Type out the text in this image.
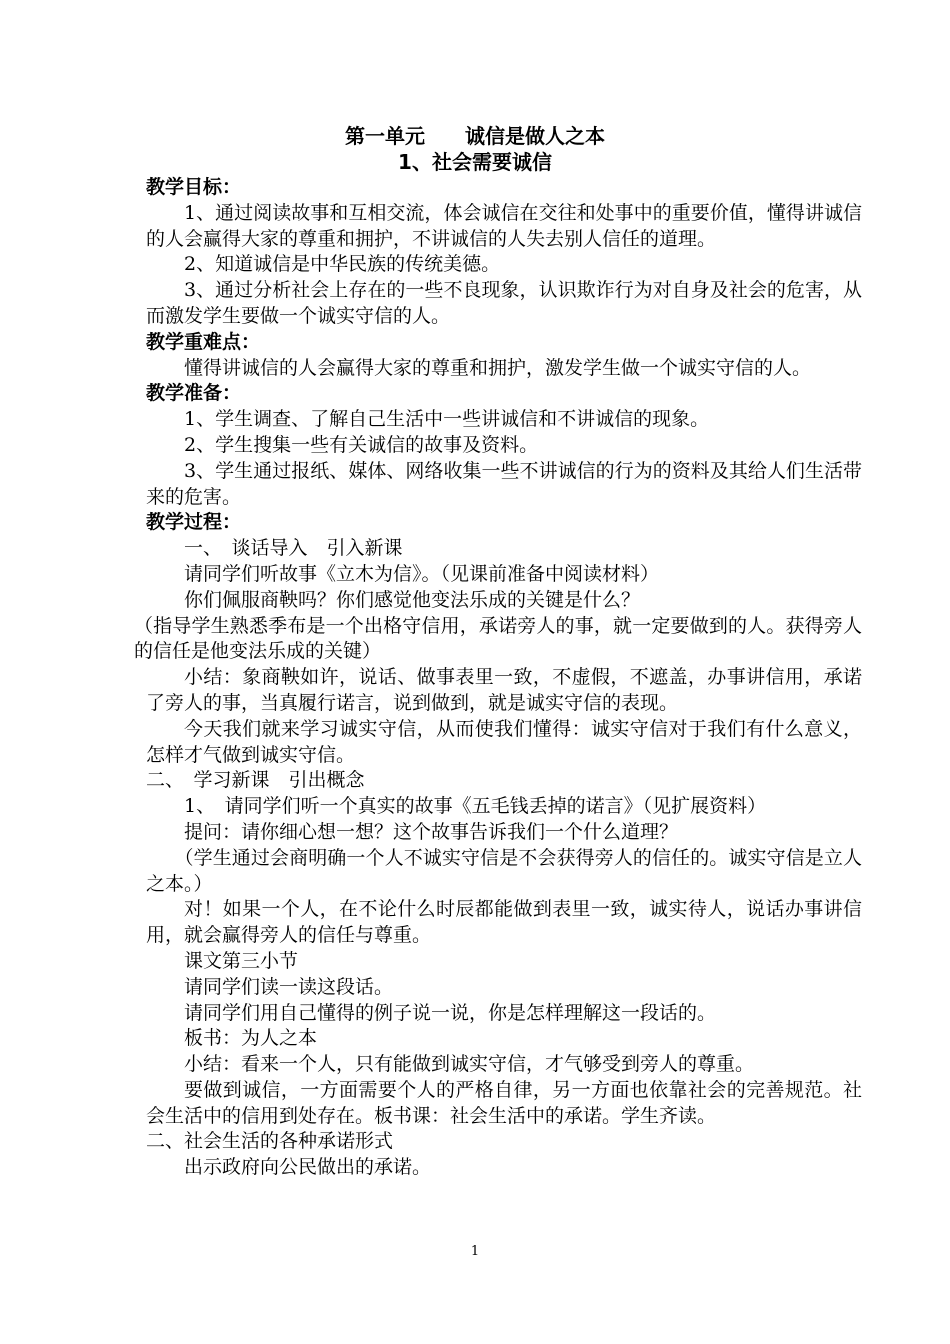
第一单元　　诚信是做人之本
1、社会需要诚信

教学目标：

1、通过阅读故事和互相交流，体会诚信在交往和处事中的重要价值，懂得讲诚信的人会赢得大家的尊重和拥护，不讲诚信的人失去别人信任的道理。

2、知道诚信是中华民族的传统美德。

3、通过分析社会上存在的一些不良现象，认识欺诈行为对自身及社会的危害，从而激发学生要做一个诚实守信的人。

教学重难点：

懂得讲诚信的人会赢得大家的尊重和拥护，激发学生做一个诚实守信的人。

教学准备：

1、学生调查、了解自己生活中一些讲诚信和不讲诚信的现象。

2、学生搜集一些有关诚信的故事及资料。

3、学生通过报纸、媒体、网络收集一些不讲诚信的行为的资料及其给人们生活带来的危害。

教学过程：

一、　谈话导入　引入新课

请同学们听故事《立木为信》。（见课前准备中阅读材料）

你们佩服商鞅吗？你们感觉他变法乐成的关键是什么？

（指导学生熟悉季布是一个出格守信用，承诺旁人的事，就一定要做到的人。获得旁人的信任是他变法乐成的关键）

小结：象商鞅如许，说话、做事表里一致，不虚假，不遮盖，办事讲信用，承诺了旁人的事，当真履行诺言，说到做到，就是诚实守信的表现。

今天我们就来学习诚实守信，从而使我们懂得：诚实守信对于我们有什么意义，怎样才气做到诚实守信。

二、　学习新课　引出概念

1、　请同学们听一个真实的故事《五毛钱丢掉的诺言》（见扩展资料）

提问：请你细心想一想？这个故事告诉我们一个什么道理？

（学生通过会商明确一个人不诚实守信是不会获得旁人的信任的。诚实守信是立人之本。）

对！如果一个人，在不论什么时辰都能做到表里一致，诚实待人，说话办事讲信用，就会赢得旁人的信任与尊重。

课文第三小节

请同学们读一读这段话。

请同学们用自己懂得的例子说一说，你是怎样理解这一段话的。

板书：为人之本

小结：看来一个人，只有能做到诚实守信，才气够受到旁人的尊重。

要做到诚信，一方面需要个人的严格自律，另一方面也依靠社会的完善规范。社会生活中的信用到处存在。板书课：社会生活中的承诺。学生齐读。

二、社会生活的各种承诺形式

出示政府向公民做出的承诺。

1
